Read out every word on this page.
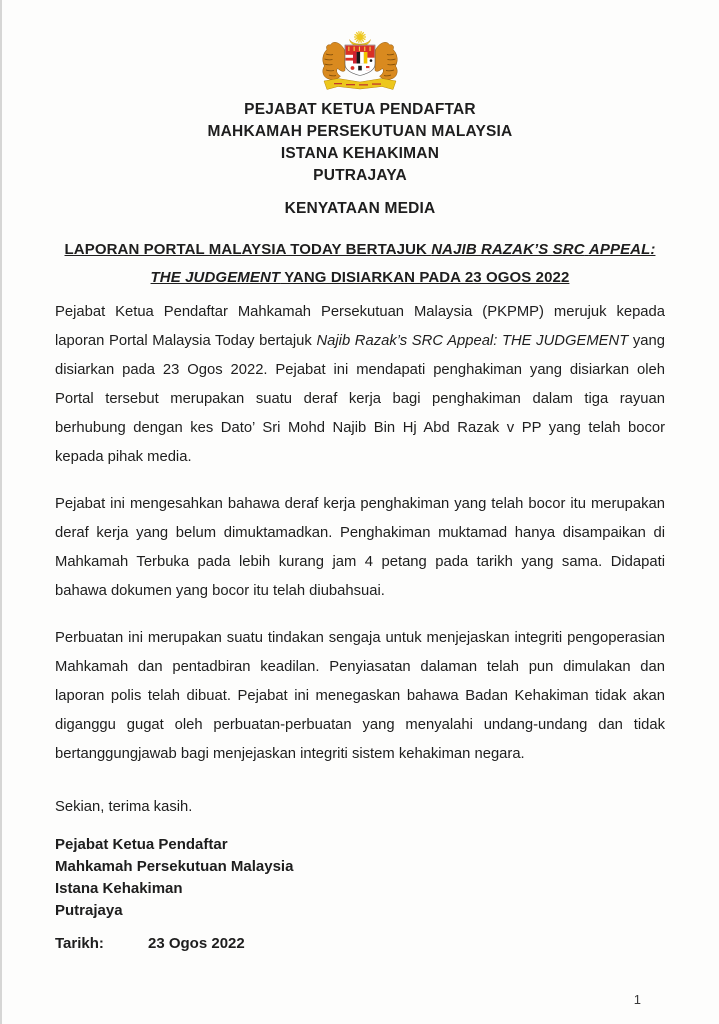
PEJABAT KETUA PENDAFTAR
MAHKAMAH PERSEKUTUAN MALAYSIA
ISTANA KEHAKIMAN
PUTRAJAYA
KENYATAAN MEDIA
LAPORAN PORTAL MALAYSIA TODAY BERTAJUK NAJIB RAZAK’S SRC APPEAL: THE JUDGEMENT YANG DISIARKAN PADA 23 OGOS 2022

Pejabat Ketua Pendaftar Mahkamah Persekutuan Malaysia (PKPMP) merujuk kepada laporan Portal Malaysia Today bertajuk Najib Razak’s SRC Appeal: THE JUDGEMENT yang disiarkan pada 23 Ogos 2022. Pejabat ini mendapati penghakiman yang disiarkan oleh Portal tersebut merupakan suatu deraf kerja bagi penghakiman dalam tiga rayuan berhubung dengan kes Dato’ Sri Mohd Najib Bin Hj Abd Razak v PP yang telah bocor kepada pihak media.

Pejabat ini mengesahkan bahawa deraf kerja penghakiman yang telah bocor itu merupakan deraf kerja yang belum dimuktamadkan. Penghakiman muktamad hanya disampaikan di Mahkamah Terbuka pada lebih kurang jam 4 petang pada tarikh yang sama. Didapati bahawa dokumen yang bocor itu telah diubahsuai.

Perbuatan ini merupakan suatu tindakan sengaja untuk menjejaskan integriti pengoperasian Mahkamah dan pentadbiran keadilan. Penyiasatan dalaman telah pun dimulakan dan laporan polis telah dibuat. Pejabat ini menegaskan bahawa Badan Kehakiman tidak akan diganggu gugat oleh perbuatan-perbuatan yang menyalahi undang-undang dan tidak bertanggungjawab bagi menjejaskan integriti sistem kehakiman negara.

Sekian, terima kasih.
Pejabat Ketua Pendaftar
Mahkamah Persekutuan Malaysia
Istana Kehakiman
Putrajaya
Tarikh:	23 Ogos 2022
1
